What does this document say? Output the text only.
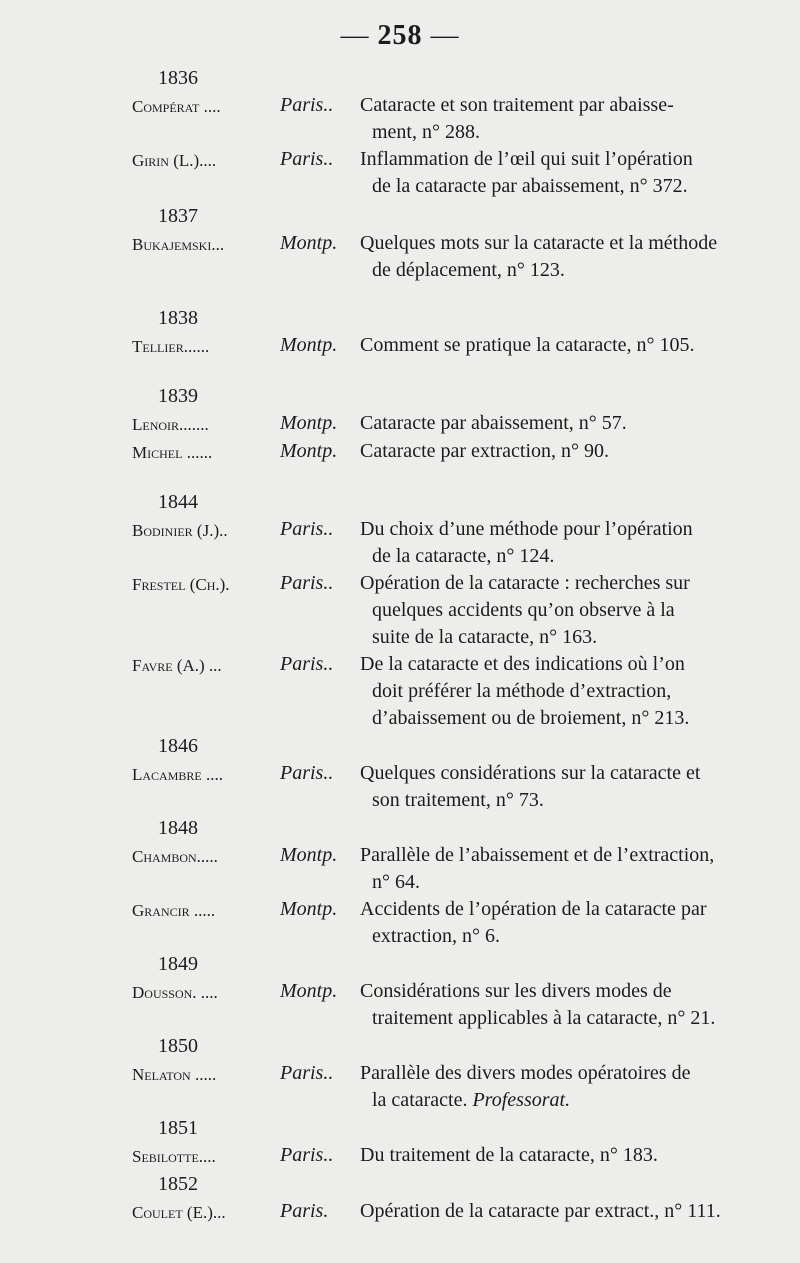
— 258 —
1836
Compérat ....	Paris..	Cataracte et son traitement par abaisse-
ment, n° 288.
Girin (L.)....	Paris..	Inflammation de l’œil qui suit l’opération
de la cataracte par abaissement, n° 372.
1837
Bukajemski...	Montp.	Quelques mots sur la cataracte et la méthode
de déplacement, n° 123.
1838
Tellier......	Montp.	Comment se pratique la cataracte, n° 105.
1839
Lenoir.......	Montp.	Cataracte par abaissement, n° 57.
Michel ......	Montp.	Cataracte par extraction, n° 90.
1844
Bodinier (J.)..	Paris..	Du choix d’une méthode pour l’opération
de la cataracte, n° 124.
Frestel (Ch.).	Paris..	Opération de la cataracte : recherches sur
quelques accidents qu’on observe à la
suite de la cataracte, n° 163.
Favre (A.) ...	Paris..	De la cataracte et des indications où l’on
doit préférer la méthode d’extraction,
d’abaissement ou de broiement, n° 213.
1846
Lacambre ....	Paris..	Quelques considérations sur la cataracte et
son traitement, n° 73.
1848
Chambon.....	Montp.	Parallèle de l’abaissement et de l’extraction,
n° 64.
Grancir .....	Montp.	Accidents de l’opération de la cataracte par
extraction, n° 6.
1849
Dousson. ....	Montp.	Considérations sur les divers modes de
traitement applicables à la cataracte, n° 21.
1850
Nelaton .....	Paris..	Parallèle des divers modes opératoires de
la cataracte. Professorat.
1851
Sebilotte....	Paris..	Du traitement de la cataracte, n° 183.
1852
Coulet (E.)...	Paris.	Opération de la cataracte par extract., n° 111.
